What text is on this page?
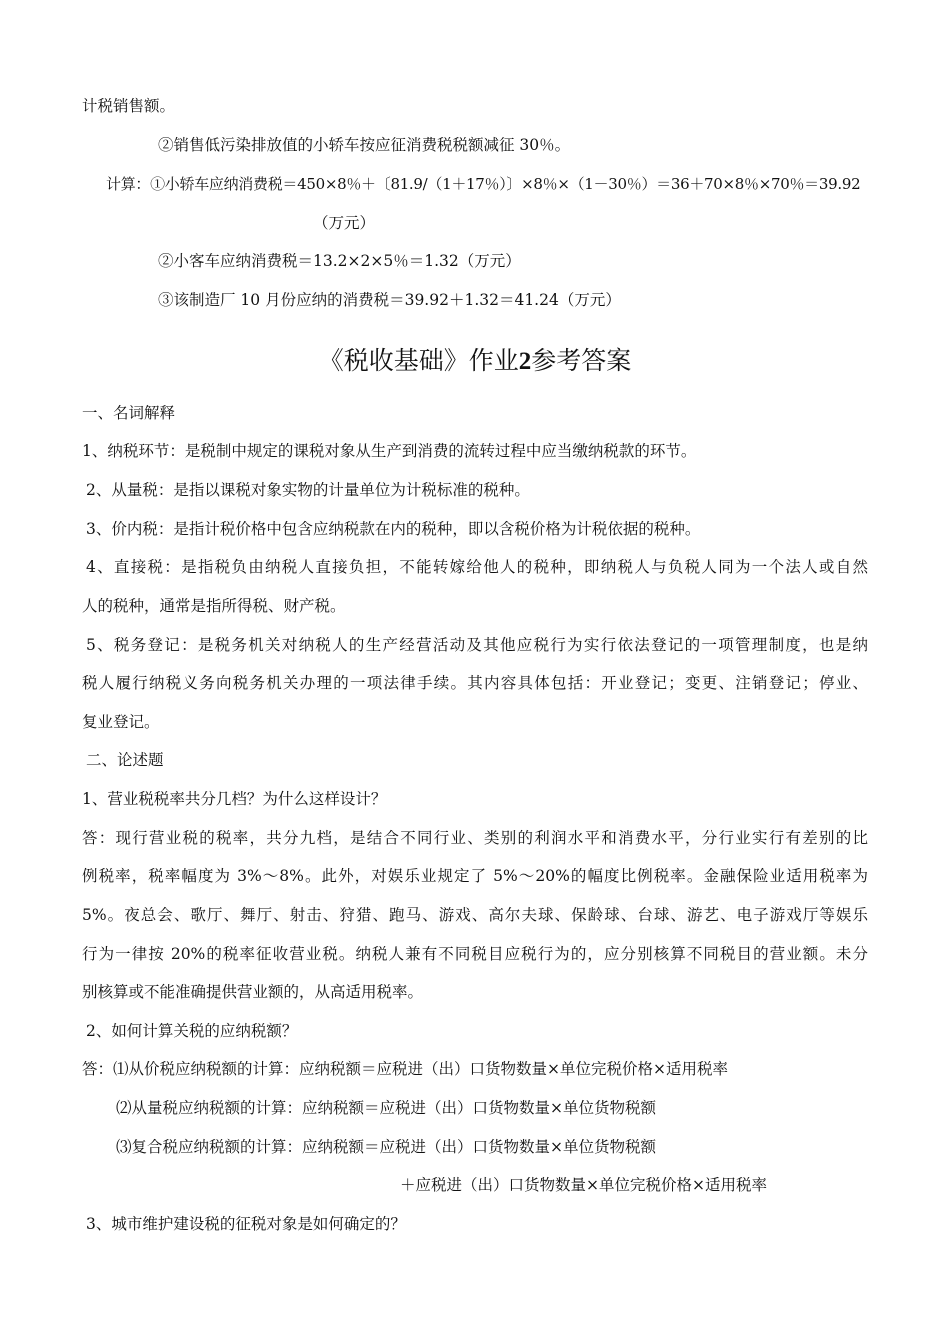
计税销售额。
②销售低污染排放值的小轿车按应征消费税税额减征 30％。
计算：①小轿车应纳消费税＝450×8％＋〔81.9/（1＋17％）〕×8％×（1－30％）＝36＋70×8％×70％＝39.92
（万元）
②小客车应纳消费税＝13.2×2×5％＝1.32（万元）
③该制造厂 10 月份应纳的消费税＝39.92＋1.32＝41.24（万元）
《税收基础》作业2参考答案
一、名词解释
1、纳税环节：是税制中规定的课税对象从生产到消费的流转过程中应当缴纳税款的环节。
2、从量税：是指以课税对象实物的计量单位为计税标准的税种。
3、价内税：是指计税价格中包含应纳税款在内的税种，即以含税价格为计税依据的税种。
4、直接税：是指税负由纳税人直接负担，不能转嫁给他人的税种，即纳税人与负税人同为一个法人或自然
人的税种，通常是指所得税、财产税。
5、税务登记：是税务机关对纳税人的生产经营活动及其他应税行为实行依法登记的一项管理制度，也是纳
税人履行纳税义务向税务机关办理的一项法律手续。其内容具体包括：开业登记；变更、注销登记；停业、
复业登记。
二、论述题
1、营业税税率共分几档？为什么这样设计？
答：现行营业税的税率，共分九档，是结合不同行业、类别的利润水平和消费水平，分行业实行有差别的比
例税率，税率幅度为 3%～8%。此外，对娱乐业规定了 5%～20%的幅度比例税率。金融保险业适用税率为
5%。夜总会、歌厅、舞厅、射击、狩猎、跑马、游戏、高尔夫球、保龄球、台球、游艺、电子游戏厅等娱乐
行为一律按 20%的税率征收营业税。纳税人兼有不同税目应税行为的，应分别核算不同税目的营业额。未分
别核算或不能准确提供营业额的，从高适用税率。
2、如何计算关税的应纳税额？
答：⑴从价税应纳税额的计算：应纳税额＝应税进（出）口货物数量×单位完税价格×适用税率
⑵从量税应纳税额的计算：应纳税额＝应税进（出）口货物数量×单位货物税额
⑶复合税应纳税额的计算：应纳税额＝应税进（出）口货物数量×单位货物税额
＋应税进（出）口货物数量×单位完税价格×适用税率
3、城市维护建设税的征税对象是如何确定的？
